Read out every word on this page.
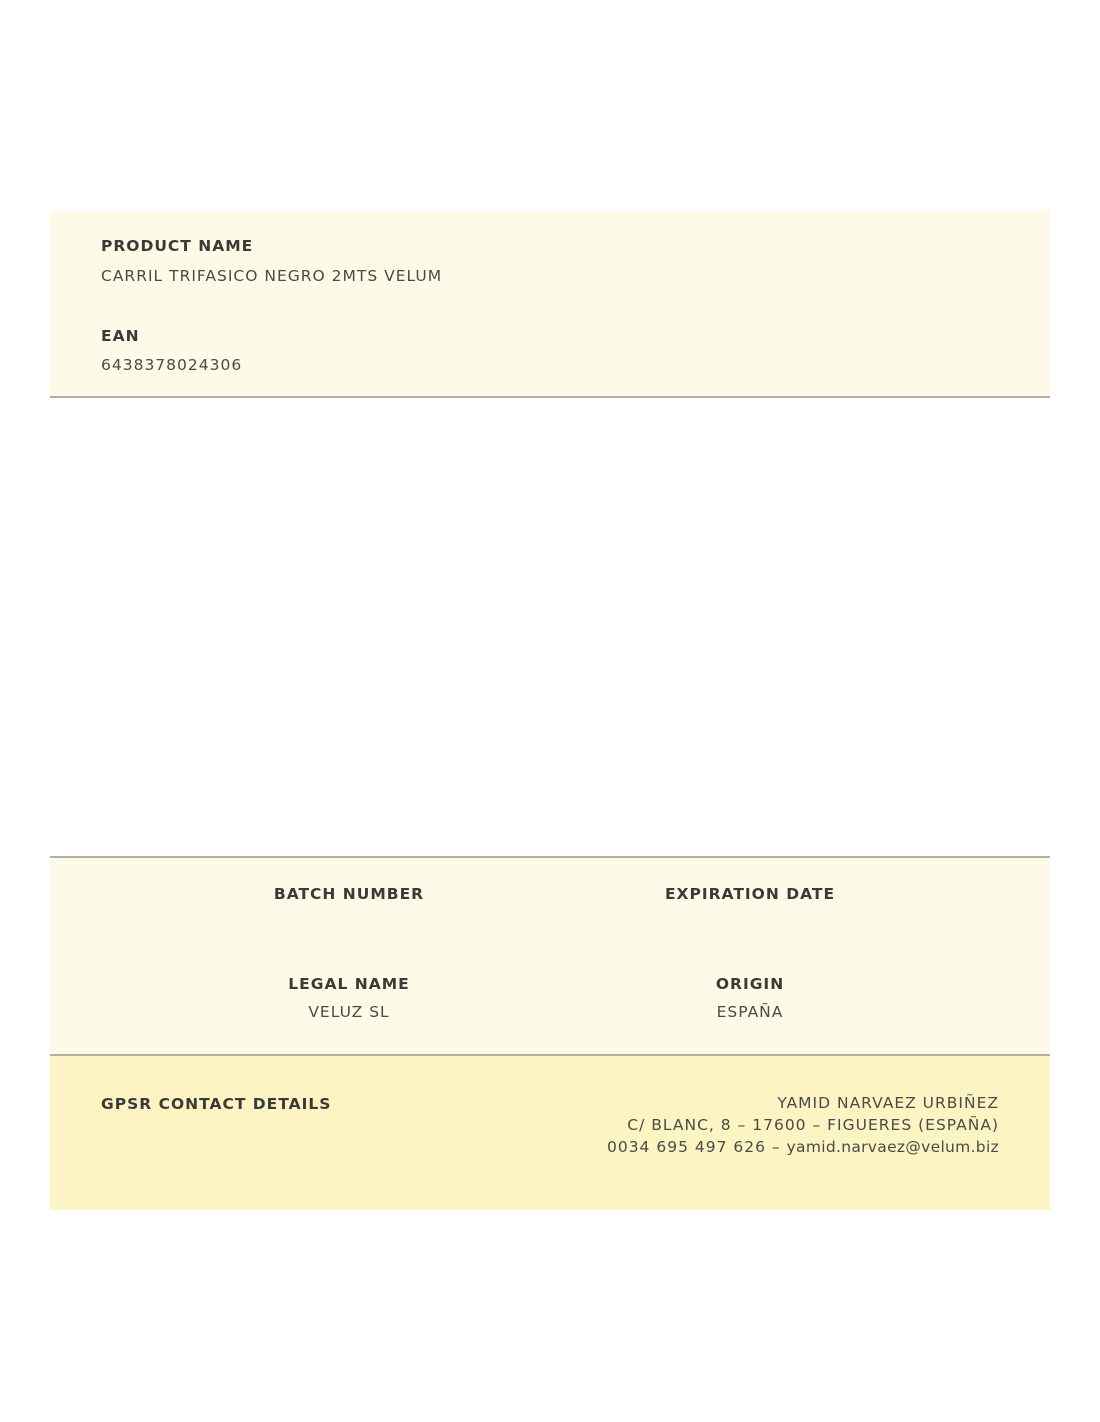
PRODUCT NAME
CARRIL TRIFASICO NEGRO 2MTS VELUM
EAN
6438378024306
BATCH NUMBER	EXPIRATION DATE
LEGAL NAME
VELUZ SL
ORIGIN
ESPAÑA
GPSR CONTACT DETAILS	YAMID NARVAEZ URBIÑEZ
C/ BLANC, 8 – 17600 – FIGUERES (ESPAÑA)
0034 695 497 626 – yamid.narvaez@velum.biz
